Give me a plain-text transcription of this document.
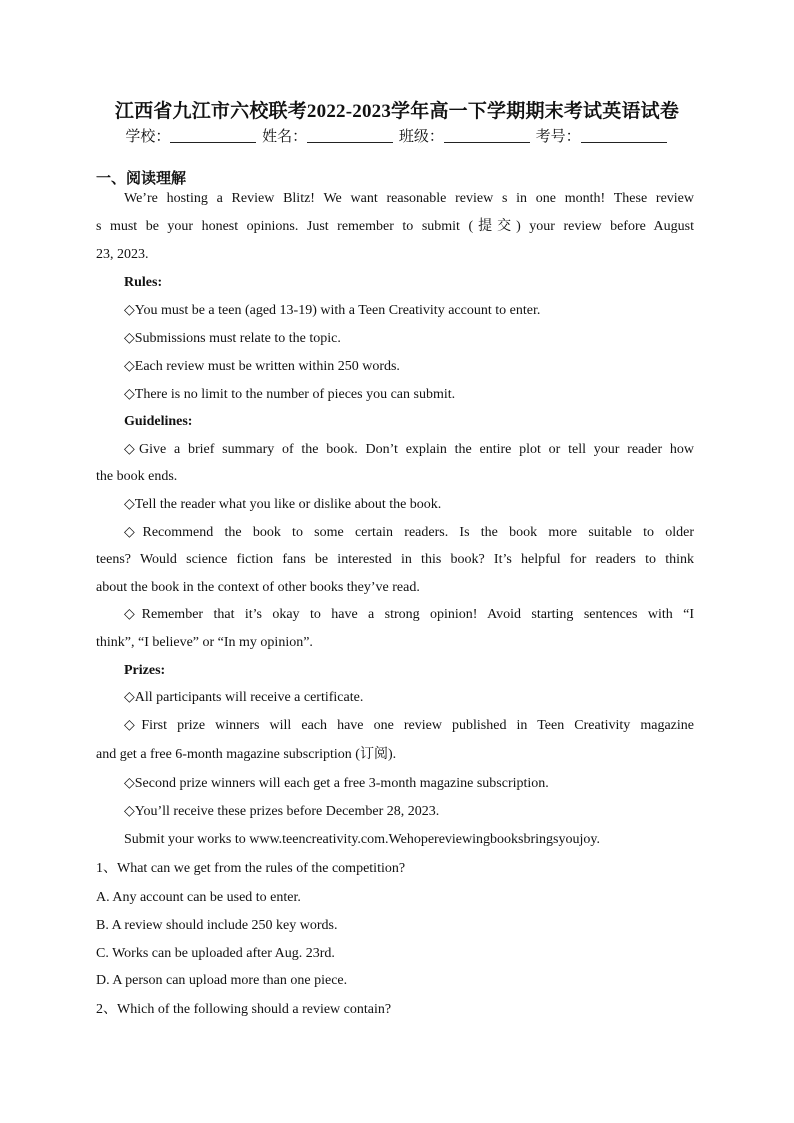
江西省九江市六校联考2022-2023学年高一下学期期末考试英语试卷
学校：	姓名：	班级：	考号：
一、阅读理解
We’re hosting a Review Blitz! We want reasonable review s in one month! These review
s must be your honest opinions. Just remember to submit (提交) your review before August
23, 2023.
Rules:
◇You must be a teen (aged 13-19) with a Teen Creativity account to enter.
◇Submissions must relate to the topic.
◇Each review must be written within 250 words.
◇There is no limit to the number of pieces you can submit.
Guidelines:
◇Give a brief summary of the book. Don’t explain the entire plot or tell your reader how
the book ends.
◇Tell the reader what you like or dislike about the book.
◇Recommend the book to some certain readers. Is the book more suitable to older
teens? Would science fiction fans be interested in this book? It’s helpful for readers to think
about the book in the context of other books they’ve read.
◇Remember that it’s okay to have a strong opinion! Avoid starting sentences with “I
think”, “I believe” or “In my opinion”.
Prizes:
◇All participants will receive a certificate.
◇First prize winners will each have one review published in Teen Creativity magazine
and get a free 6-month magazine subscription (订阅).
◇Second prize winners will each get a free 3-month magazine subscription.
◇You’ll receive these prizes before December 28, 2023.
Submit your works to www.teencreativity.com.Wehopereviewingbooksbringsyoujoy.
1、What can we get from the rules of the competition?
A. Any account can be used to enter.
B. A review should include 250 key words.
C. Works can be uploaded after Aug. 23rd.
D. A person can upload more than one piece.
2、Which of the following should a review contain?
